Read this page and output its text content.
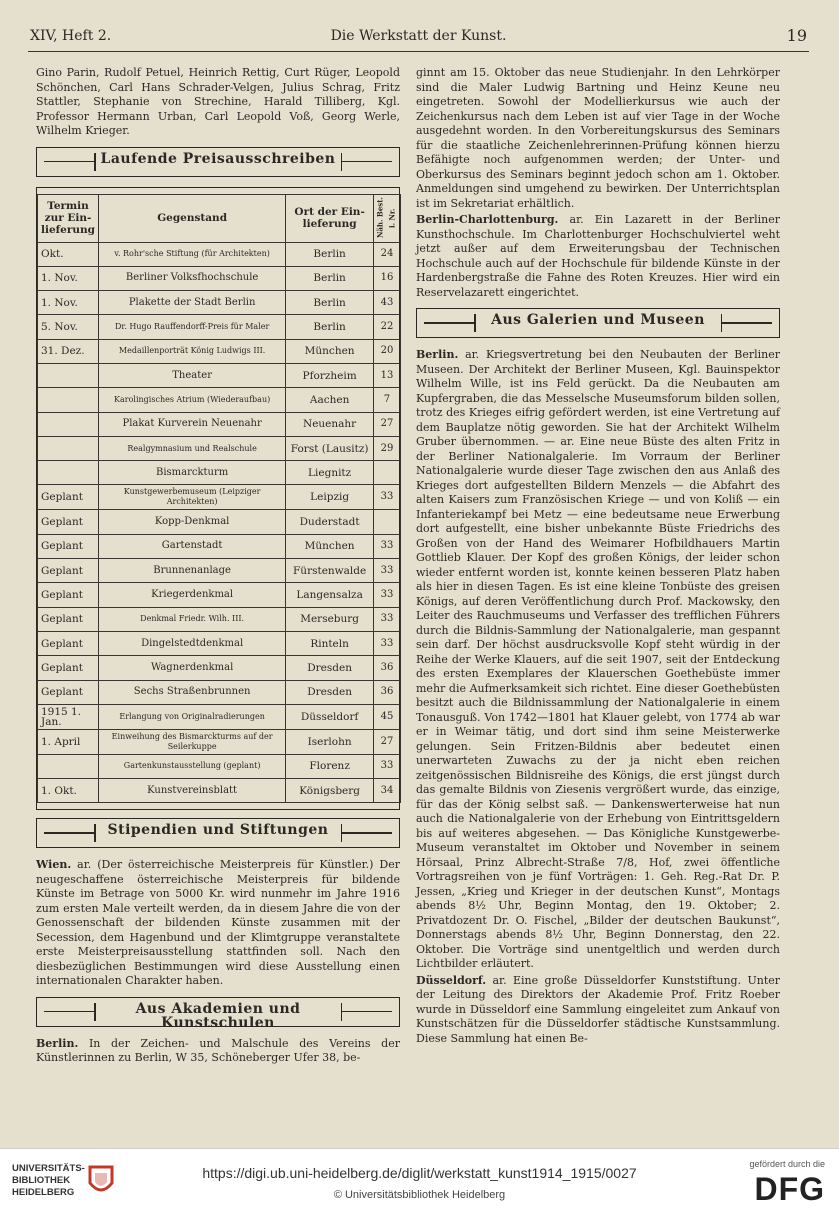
XIV, Heft 2.	Die Werkstatt der Kunst.	19

Gino Parin, Rudolf Petuel, Heinrich Rettig, Curt Rüger, Leopold Schönchen, Carl Hans Schrader-Velgen, Julius Schrag, Fritz Stattler, Stephanie von Strechine, Harald Tilliberg, Kgl. Professor Hermann Urban, Carl Leopold Voß, Georg Werle, Wilhelm Krieger.

Laufende Preisausschreiben
Termin zur Ein-lieferung	Gegenstand	Ort der Ein-lieferung	Näh. Best. i. Nr.
Okt.	v. Rohr'sche Stiftung (für Architekten)	Berlin	24
1. Nov.	Berliner Volksfhochschule	Berlin	16
1. Nov.	Plakette der Stadt Berlin	Berlin	43
5. Nov.	Dr. Hugo Rauffendorff-Preis für Maler	Berlin	22
31. Dez.	Medaillenporträt König Ludwigs III.	München	20
	Theater	Pforzheim	13
	Karolingisches Atrium (Wiederaufbau)	Aachen	7
	Plakat Kurverein Neuenahr	Neuenahr	27
	Realgymnasium und Realschule	Forst (Lausitz)	29
	Bismarckturm	Liegnitz	
Geplant	Kunstgewerbemuseum (Leipziger Architekten)	Leipzig	33
Geplant	Kopp-Denkmal	Duderstadt	
Geplant	Gartenstadt	München	33
Geplant	Brunnenanlage	Fürstenwalde	33
Geplant	Kriegerdenkmal	Langensalza	33
Geplant	Denkmal Friedr. Wilh. III.	Merseburg	33
Geplant	Dingelstedtdenkmal	Rinteln	33
Geplant	Wagnerdenkmal	Dresden	36
Geplant	Sechs Straßenbrunnen	Dresden	36
1915 1. Jan.	Erlangung von Originalradierungen	Düsseldorf	45
1. April	Einweihung des Bismarckturms auf der Seilerkuppe	Iserlohn	27
	Gartenkunstausstellung (geplant)	Florenz	33
1. Okt.	Kunstvereinsblatt	Königsberg	34
Stipendien und Stiftungen

Wien. ar. (Der österreichische Meisterpreis für Künstler.) Der neugeschaffene österreichische Meisterpreis für bildende Künste im Betrage von 5000 Kr. wird nunmehr im Jahre 1916 zum ersten Male verteilt werden, da in diesem Jahre die von der Genossenschaft der bildenden Künste zusammen mit der Secession, dem Hagenbund und der Klimtgruppe veranstaltete erste Meisterpreisausstellung stattfinden soll. Nach den diesbezüglichen Bestimmungen wird diese Ausstellung einen internationalen Charakter haben.

Aus Akademien und Kunstschulen

Berlin. In der Zeichen- und Malschule des Vereins der Künstlerinnen zu Berlin, W 35, Schöneberger Ufer 38, be-

ginnt am 15. Oktober das neue Studienjahr. In den Lehrkörper sind die Maler Ludwig Bartning und Heinz Keune neu eingetreten. Sowohl der Modellierkursus wie auch der Zeichenkursus nach dem Leben ist auf vier Tage in der Woche ausgedehnt worden. In den Vorbereitungskursus des Seminars für die staatliche Zeichenlehrerinnen-Prüfung können hierzu Befähigte noch aufgenommen werden; der Unter- und Oberkursus des Seminars beginnt jedoch schon am 1. Oktober. Anmeldungen sind umgehend zu bewirken. Der Unterrichtsplan ist im Sekretariat erhältlich.

Berlin-Charlottenburg. ar. Ein Lazarett in der Berliner Kunsthochschule. Im Charlottenburger Hochschulviertel weht jetzt außer auf dem Erweiterungsbau der Technischen Hochschule auch auf der Hochschule für bildende Künste in der Hardenbergstraße die Fahne des Roten Kreuzes. Hier wird ein Reservelazarett eingerichtet.

Aus Galerien und Museen

Berlin. ar. Kriegsvertretung bei den Neubauten der Berliner Museen. Der Architekt der Berliner Museen, Kgl. Bauinspektor Wilhelm Wille, ist ins Feld gerückt. Da die Neubauten am Kupfergraben, die das Messelsche Museumsforum bilden sollen, trotz des Krieges eifrig gefördert werden, ist eine Vertretung auf dem Bauplatze nötig geworden. Sie hat der Architekt Wilhelm Gruber übernommen. — ar. Eine neue Büste des alten Fritz in der Berliner Nationalgalerie. Im Vorraum der Berliner Nationalgalerie wurde dieser Tage zwischen den aus Anlaß des Krieges dort aufgestellten Bildern Menzels — die Abfahrt des alten Kaisers zum Französischen Kriege — und von Koliß — ein Infanteriekampf bei Metz — eine bedeutsame neue Erwerbung dort aufgestellt, eine bisher unbekannte Büste Friedrichs des Großen von der Hand des Weimarer Hofbildhauers Martin Gottlieb Klauer. Der Kopf des großen Königs, der leider schon wieder entfernt worden ist, konnte keinen besseren Platz haben als hier in diesen Tagen. Es ist eine kleine Tonbüste des greisen Königs, auf deren Veröffentlichung durch Prof. Mackowsky, den Leiter des Rauchmuseums und Verfasser des trefflichen Führers durch die Bildnis-Sammlung der Nationalgalerie, man gespannt sein darf. Der höchst ausdrucksvolle Kopf steht würdig in der Reihe der Werke Klauers, auf die seit 1907, seit der Entdeckung des ersten Exemplares der Klauerschen Goethebüste immer mehr die Aufmerksamkeit sich richtet. Eine dieser Goethebüsten besitzt auch die Bildnissammlung der Nationalgalerie in einem Tonausguß. Von 1742—1801 hat Klauer gelebt, von 1774 ab war er in Weimar tätig, und dort sind ihm seine Meisterwerke gelungen. Sein Fritzen-Bildnis aber bedeutet einen unerwarteten Zuwachs zu der ja nicht eben reichen zeitgenössischen Bildnisreihe des Königs, die erst jüngst durch das gemalte Bildnis von Ziesenis vergrößert wurde, das einzige, für das der König selbst saß. — Dankenswerterweise hat nun auch die Nationalgalerie von der Erhebung von Eintrittsgeldern bis auf weiteres abgesehen. — Das Königliche Kunstgewerbe-Museum veranstaltet im Oktober und November in seinem Hörsaal, Prinz Albrecht-Straße 7/8, Hof, zwei öffentliche Vortragsreihen von je fünf Vorträgen: 1. Geh. Reg.-Rat Dr. P. Jessen, „Krieg und Krieger in der deutschen Kunst“, Montags abends 8½ Uhr, Beginn Montag, den 19. Oktober; 2. Privatdozent Dr. O. Fischel, „Bilder der deutschen Baukunst“, Donnerstags abends 8½ Uhr, Beginn Donnerstag, den 22. Oktober. Die Vorträge sind unentgeltlich und werden durch Lichtbilder erläutert.

Düsseldorf. ar. Eine große Düsseldorfer Kunststiftung. Unter der Leitung des Direktors der Akademie Prof. Fritz Roeber wurde in Düsseldorf eine Sammlung eingeleitet zum Ankauf von Kunstschätzen für die Düsseldorfer städtische Kunstsammlung. Diese Sammlung hat einen Be-

UNIVERSITÄTS-BIBLIOTHEK HEIDELBERG
https://digi.ub.uni-heidelberg.de/diglit/werkstatt_kunst1914_1915/0027
© Universitätsbibliothek Heidelberg
gefördert durch die
DFG
